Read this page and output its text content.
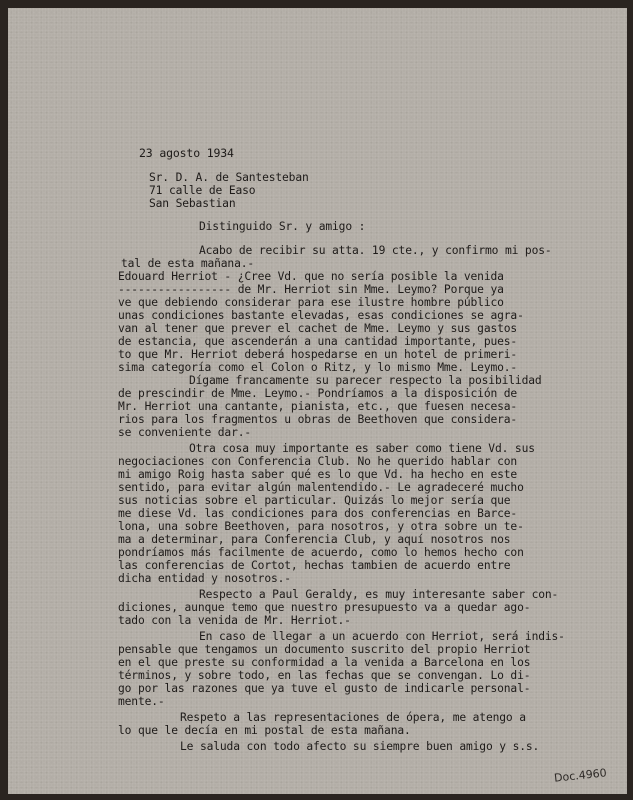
23 agosto 1934
Sr. D. A. de Santesteban
71 calle de Easo
San Sebastian
Distinguido Sr. y amigo :
Acabo de recibir su atta. 19 cte., y confirmo mi pos-
tal de esta mañana.-
Edouard Herriot - ¿Cree Vd. que no sería posible la venida
----------------- de Mr. Herriot sin Mme. Leymo? Porque ya
ve que debiendo considerar para ese ilustre hombre público
unas condiciones bastante elevadas, esas condiciones se agra-
van al tener que prever el cachet de Mme. Leymo y sus gastos
de estancia, que ascenderán a una cantidad importante, pues-
to que Mr. Herriot deberá hospedarse en un hotel de primeri-
sima categoría como el Colon o Ritz, y lo mismo Mme. Leymo.-
Dígame francamente su parecer respecto la posibilidad
de prescindir de Mme. Leymo.- Pondríamos a la disposición de
Mr. Herriot una cantante, pianista, etc., que fuesen necesa-
rios para los fragmentos u obras de Beethoven que considera-
se conveniente dar.-
Otra cosa muy importante es saber como tiene Vd. sus
negociaciones con Conferencia Club. No he querido hablar con
mi amigo Roig hasta saber qué es lo que Vd. ha hecho en este
sentido, para evitar algún malentendido.- Le agradeceré mucho
sus noticias sobre el particular. Quizás lo mejor sería que
me diese Vd. las condiciones para dos conferencias en Barce-
lona, una sobre Beethoven, para nosotros, y otra sobre un te-
ma a determinar, para Conferencia Club, y aquí nosotros nos
pondríamos más facilmente de acuerdo, como lo hemos hecho con
las conferencias de Cortot, hechas tambien de acuerdo entre
dicha entidad y nosotros.-
Respecto a Paul Geraldy, es muy interesante saber con-
diciones, aunque temo que nuestro presupuesto va a quedar ago-
tado con la venida de Mr. Herriot.-
En caso de llegar a un acuerdo con Herriot, será indis-
pensable que tengamos un documento suscrito del propio Herriot
en el que preste su conformidad a la venida a Barcelona en los
términos, y sobre todo, en las fechas que se convengan. Lo di-
go por las razones que ya tuve el gusto de indicarle personal-
mente.-
Respeto a las representaciones de ópera, me atengo a
lo que le decía en mi postal de esta mañana.
Le saluda con todo afecto su siempre buen amigo y s.s.
Doc.4960
